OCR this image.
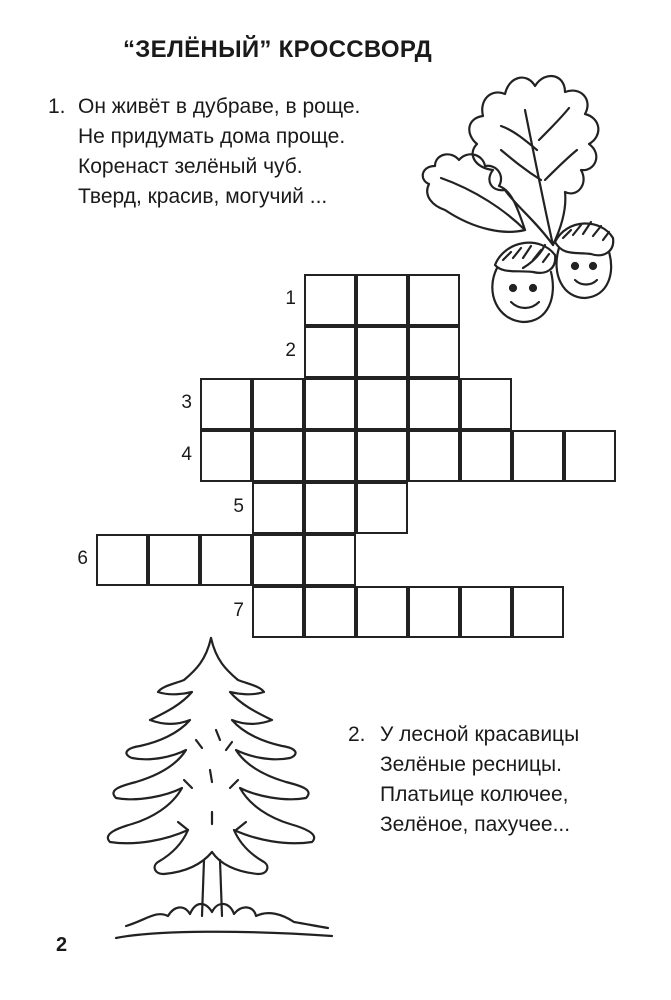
“ЗЕЛЁНЫЙ” КРОССВОРД
1. Он живёт в дубраве, в роще.
Не придумать дома проще.
Коренаст зелёный чуб.
Тверд, красив, могучий ...
1
2
3
4
5
6
7
2. У лесной красавицы
Зелёные ресницы.
Платьице колючее,
Зелёное, пахучее...
2
